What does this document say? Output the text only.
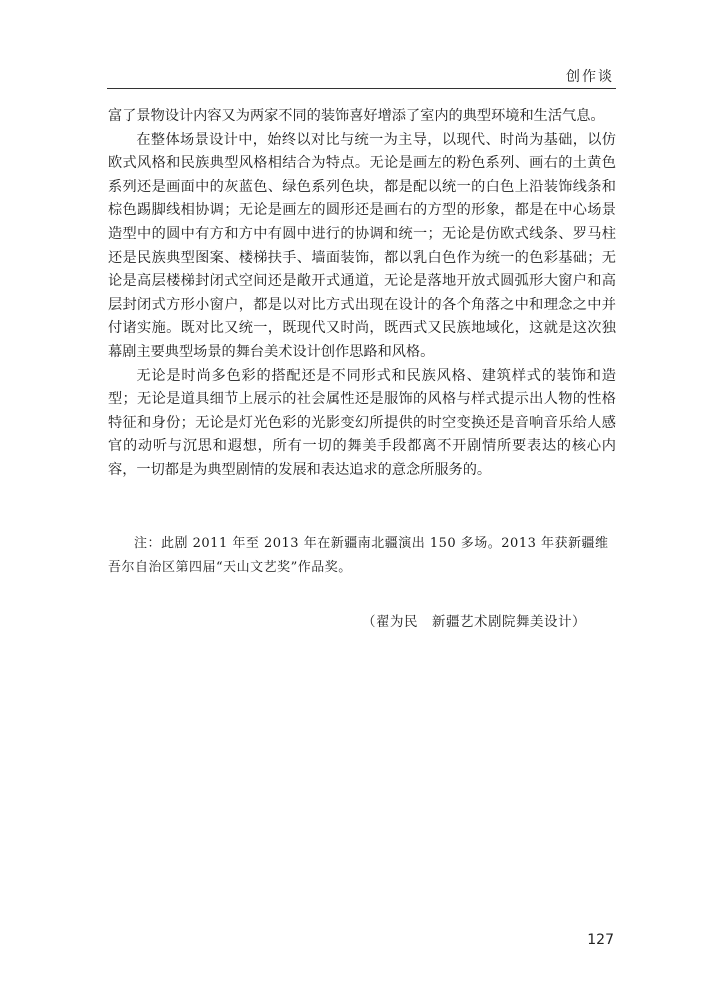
创作谈

富了景物设计内容又为两家不同的装饰喜好增添了室内的典型环境和生活气息。

在整体场景设计中，始终以对比与统一为主导，以现代、时尚为基础，以仿欧式风格和民族典型风格相结合为特点。无论是画左的粉色系列、画右的土黄色系列还是画面中的灰蓝色、绿色系列色块，都是配以统一的白色上沿装饰线条和棕色踢脚线相协调；无论是画左的圆形还是画右的方型的形象，都是在中心场景造型中的圆中有方和方中有圆中进行的协调和统一；无论是仿欧式线条、罗马柱还是民族典型图案、楼梯扶手、墙面装饰，都以乳白色作为统一的色彩基础；无论是高层楼梯封闭式空间还是敞开式通道，无论是落地开放式圆弧形大窗户和高层封闭式方形小窗户，都是以对比方式出现在设计的各个角落之中和理念之中并付诸实施。既对比又统一，既现代又时尚，既西式又民族地域化，这就是这次独幕剧主要典型场景的舞台美术设计创作思路和风格。

无论是时尚多色彩的搭配还是不同形式和民族风格、建筑样式的装饰和造型；无论是道具细节上展示的社会属性还是服饰的风格与样式提示出人物的性格特征和身份；无论是灯光色彩的光影变幻所提供的时空变换还是音响音乐给人感官的动听与沉思和遐想，所有一切的舞美手段都离不开剧情所要表达的核心内容，一切都是为典型剧情的发展和表达追求的意念所服务的。

注：此剧 2011 年至 2013 年在新疆南北疆演出 150 多场。2013 年获新疆维吾尔自治区第四届“天山文艺奖”作品奖。
（翟为民　新疆艺术剧院舞美设计）
127
